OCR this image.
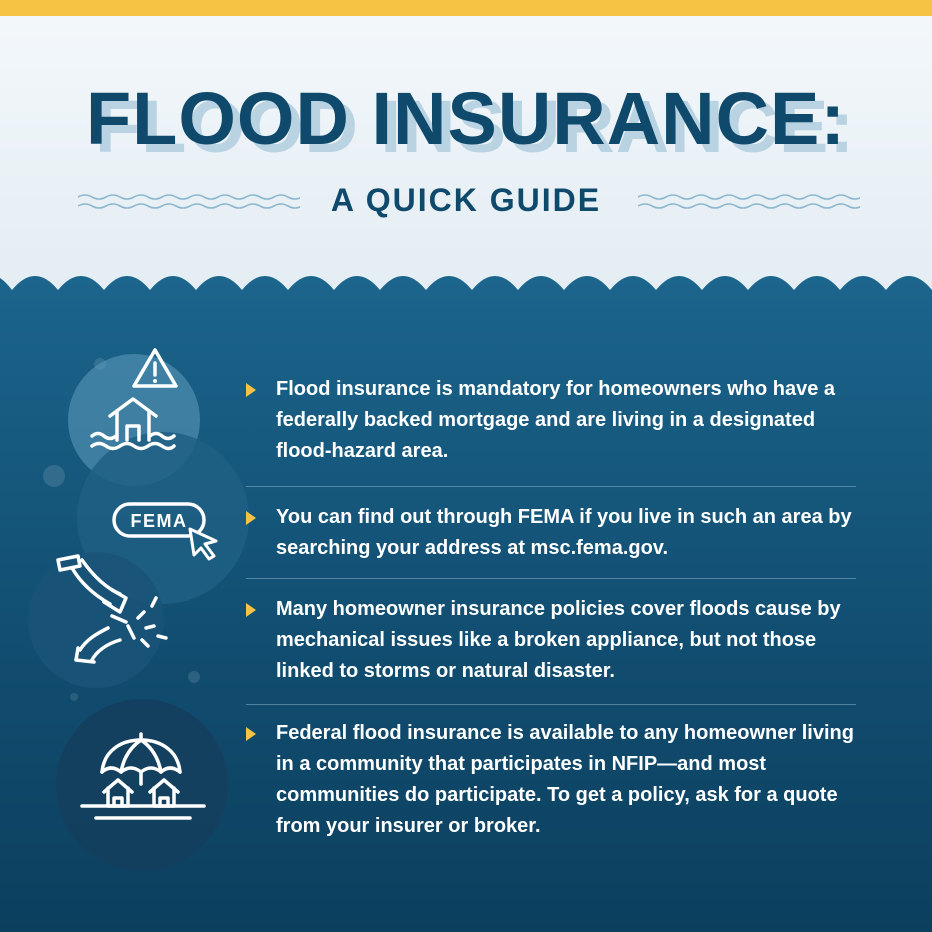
FLOOD INSURANCE:
A QUICK GUIDE
FEMA
Flood insurance is mandatory for homeowners who have a federally backed mortgage and are living in a designated flood-hazard area.
You can find out through FEMA if you live in such an area by searching your address at msc.fema.gov.
Many homeowner insurance policies cover floods cause by mechanical issues like a broken appliance, but not those linked to storms or natural disaster.
Federal flood insurance is available to any homeowner living in a community that participates in NFIP—and most communities do participate. To get a policy, ask for a quote from your insurer or broker.
